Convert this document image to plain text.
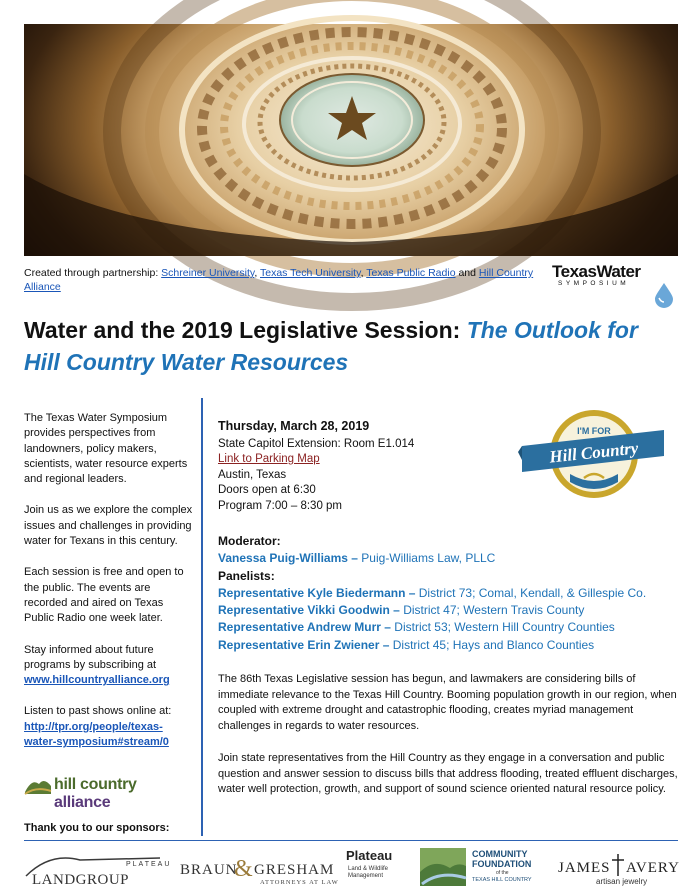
Created through partnership: Schreiner University, Texas Tech University, Texas Public Radio and Hill Country Alliance
TexasWater
SYMPOSIUM
Water and the 2019 Legislative Session: The Outlook for Hill Country Water Resources

The Texas Water Symposium provides perspectives from landowners, policy makers, scientists, water resource experts and regional leaders.

Join us as we explore the complex issues and challenges in providing water for Texans in this century.

Each session is free and open to the public. The events are recorded and aired on Texas Public Radio one week later.

Stay informed about future programs by subscribing at
www.hillcountryalliance.org

Listen to past shows online at:
http://tpr.org/people/texas-water-symposium#stream/0

hill country alliance
Thank you to our sponsors:
Thursday, March 28, 2019
State Capitol Extension: Room E1.014
Link to Parking Map
Austin, Texas
Doors open at 6:30
Program 7:00 – 8:30 pm
I'M FOR
Hill Country
Moderator:
Vanessa Puig-Williams – Puig-Williams Law, PLLC
Panelists:
Representative Kyle Biedermann – District 73; Comal, Kendall, & Gillespie Co.
Representative Vikki Goodwin – District 47; Western Travis County
Representative Andrew Murr – District 53; Western Hill Country Counties
Representative Erin Zwiener – District 45; Hays and Blanco Counties

The 86th Texas Legislative session has begun, and lawmakers are considering bills of immediate relevance to the Texas Hill Country. Booming population growth in our region, when coupled with extreme drought and catastrophic flooding, creates myriad management challenges in regards to water resources.

Join state representatives from the Hill Country as they engage in a conversation and public question and answer session to discuss bills that address flooding, treated effluent discharges, water well protection, growth, and support of sound science oriented natural resource policy.

PLATEAU
LANDGROUP
BRAUN
& GRESHAM
ATTORNEYS AT LAW
Plateau
Land & Wildlife
Management
COMMUNITY
FOUNDATION
of the
TEXAS HILL COUNTRY
JAMES AVERY
artisan jewelry
